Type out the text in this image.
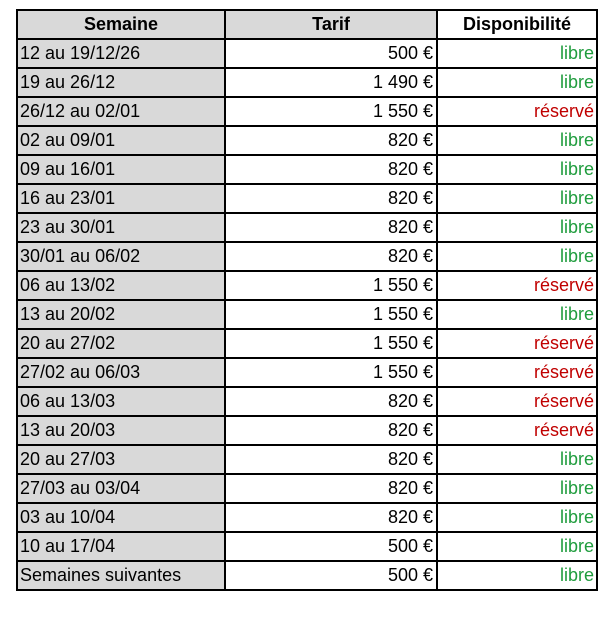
Semaine	Tarif	Disponibilité
12 au 19/12/26	500 €	libre
19 au 26/12	1 490 €	libre
26/12 au 02/01	1 550 €	réservé
02 au 09/01	820 €	libre
09 au 16/01	820 €	libre
16 au 23/01	820 €	libre
23 au 30/01	820 €	libre
30/01 au 06/02	820 €	libre
06 au 13/02	1 550 €	réservé
13 au 20/02	1 550 €	libre
20 au 27/02	1 550 €	réservé
27/02 au 06/03	1 550 €	réservé
06 au 13/03	820 €	réservé
13 au 20/03	820 €	réservé
20 au 27/03	820 €	libre
27/03 au 03/04	820 €	libre
03 au 10/04	820 €	libre
10 au 17/04	500 €	libre
Semaines suivantes	500 €	libre
